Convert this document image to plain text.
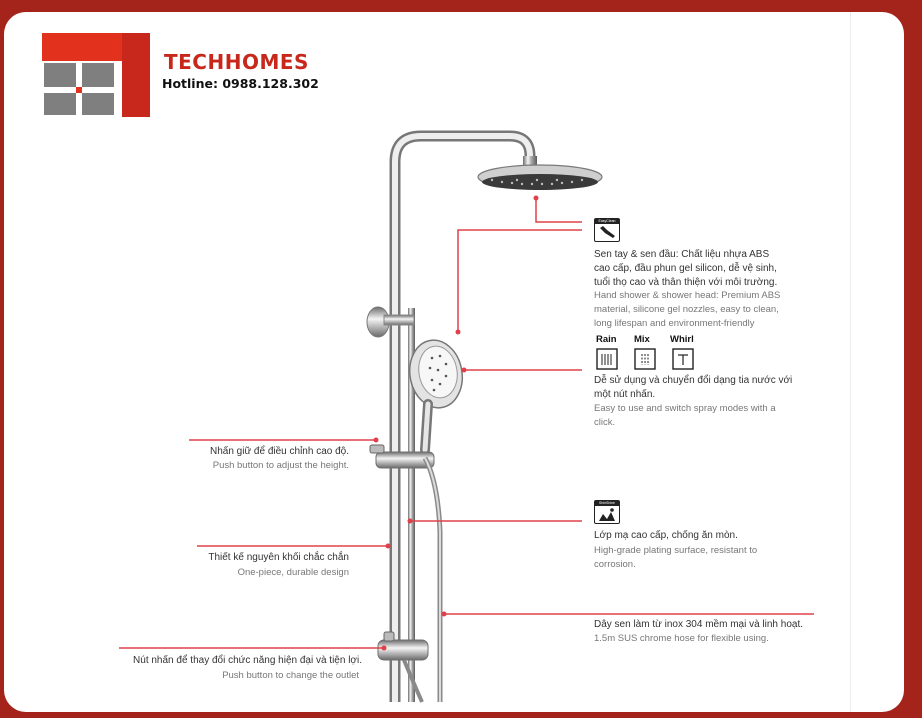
TECHHOMES
Hotline: 0988.128.302
EasyClean
Sen tay & sen đầu: Chất liệu nhựa ABS
cao cấp, đầu phun gel silicon, dễ vệ sinh,
tuổi thọ cao và thân thiện với môi trường.
Hand shower & shower head: Premium ABS
material, silicone gel nozzles, easy to clean,
long lifespan and environment-friendly
Rain Mix Whirl
Dễ sử dụng và chuyển đổi dạng tia nước với
một nút nhấn.
Easy to use and switch spray modes with a
click.
Nhấn giữ để điều chỉnh cao độ.
Push button to adjust the height.
ShinShine
Lớp mạ cao cấp, chống ăn mòn.
High-grade plating surface, resistant to
corrosion.
Thiết kế nguyên khối chắc chắn
One-piece, durable design
Dây sen làm từ inox 304 mềm mại và linh hoạt.
1.5m SUS chrome hose for flexible using.
Nút nhấn để thay đổi chức năng hiện đại và tiện lợi.
Push button to change the outlet
